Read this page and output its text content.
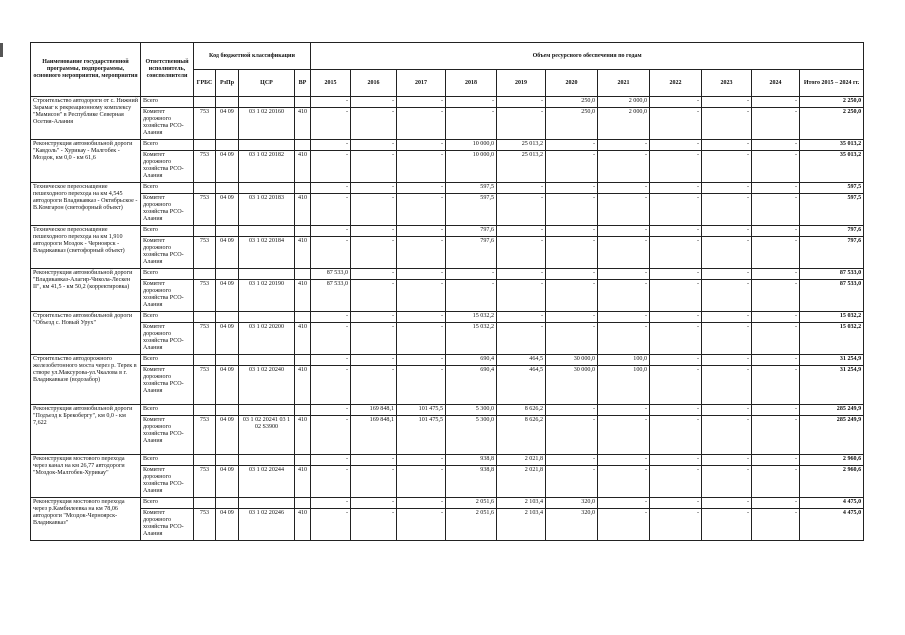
Наименование государственной программы, подпрограммы, основного мероприятия, мероприятия	Ответственный исполнитель, соисполнители	Код бюджетной классификации				Объем ресурсного обеспечения по годам										
		ГРБС	РзПр	ЦСР	ВР	2015	2016	2017	2018	2019	2020	2021	2022	2023	2024	Итого 2015 – 2024 гг.
Строительство автодороги от с. Нижний Зарамаг к рекреационному комплексу "Мамисон" в Республике Северная Осетия-Алания	Всего					-	-	-	-	-	250,0	2 000,0	-	-	-	2 250,0
	Комитет дорожного хозяйства РСО-Алания	753	04 09	03 1 02 20160	410	-	-	-	-	-	250,0	2 000,0	-	-	-	2 250,0
Реконструкция автомобильной дороги "Кавдоль" - Хурикау - Малгобек - Моздок, км 0,0 - км 61,6	Всего					-	-	-	10 000,0	25 013,2	-	-	-	-	-	35 013,2
	Комитет дорожного хозяйства РСО-Алания	753	04 09	03 1 02 20182	410	-	-	-	10 000,0	25 013,2	-	-	-	-	-	35 013,2
Техническое переоснащение пешеходного перехода на км 4,545 автодороги Владикавказ - Октябрьское - В.Комгарон (светофорный объект)	Всего					-	-	-	597,5	-	-	-	-	-	-	597,5
	Комитет дорожного хозяйства РСО-Алания	753	04 09	03 1 02 20183	410	-	-	-	597,5	-	-	-	-	-	-	597,5
Техническое переоснащение пешеходного перехода на км 1,910 автодороги Моздок - Черноярск - Владикавказ (светофорный объект)	Всего					-	-	-	797,6	-	-	-	-	-	-	797,6
	Комитет дорожного хозяйства РСО-Алания	753	04 09	03 1 02 20184	410	-	-	-	797,6	-	-	-	-	-	-	797,6
Реконструкция автомобильной дороги "Владикавказ-Алагир-Чикола-Лескен II", км 41,5 - км 50,2 (корректировка)	Всего					87 533,0	-	-	-	-	-	-	-	-	-	87 533,0
	Комитет дорожного хозяйства РСО-Алания	753	04 09	03 1 02 20190	410	87 533,0	-	-	-	-	-	-	-	-	-	87 533,0
Строительство автомобильной дороги "Объезд с. Новый Урух"	Всего					-	-	-	15 032,2	-	-	-	-	-	-	15 032,2
	Комитет дорожного хозяйства РСО-Алания	753	04 09	03 1 02 20200	410	-	-	-	15 032,2	-	-	-	-	-	-	15 032,2
Строительство автодорожного железобетонного моста через р. Терек в створе ул.Максурова-ул.Чкалова в г. Владикавказе (водозабор)	Всего					-	-	-	690,4	464,5	30 000,0	100,0	-	-	-	31 254,9
	Комитет дорожного хозяйства РСО-Алания	753	04 09	03 1 02 20240	410	-	-	-	690,4	464,5	30 000,0	100,0	-	-	-	31 254,9
Реконструкция автомобильной дороги "Подъезд к Брекобергу", км 0,0 - км 7,622	Всего					-	169 848,1	101 475,5	5 300,0	8 626,2	-	-	-	-	-	285 249,9
	Комитет дорожного хозяйства РСО-Алания	753	04 09	03 1 02 20241 03 1 02 S3900	410	-	169 848,1	101 475,5	5 300,0	8 626,2	-	-	-	-	-	285 249,9
Реконструкция мостового перехода через канал на км 26,77 автодороги "Моздок-Малгобек-Хурикау"	Всего					-	-	-	938,8	2 021,8	-	-	-	-	-	2 960,6
	Комитет дорожного хозяйства РСО-Алания	753	04 09	03 1 02 20244	410	-	-	-	938,8	2 021,8	-	-	-	-	-	2 960,6
Реконструкция мостового перехода через р.Камбилеевка на км 78,06 автодороги "Моздок-Черноярск-Владикавказ"	Всего					-	-	-	2 051,6	2 103,4	320,0	-	-	-	-	4 475,0
	Комитет дорожного хозяйства РСО-Алания	753	04 09	03 1 02 20246	410	-	-	-	2 051,6	2 103,4	320,0	-	-	-	-	4 475,0
